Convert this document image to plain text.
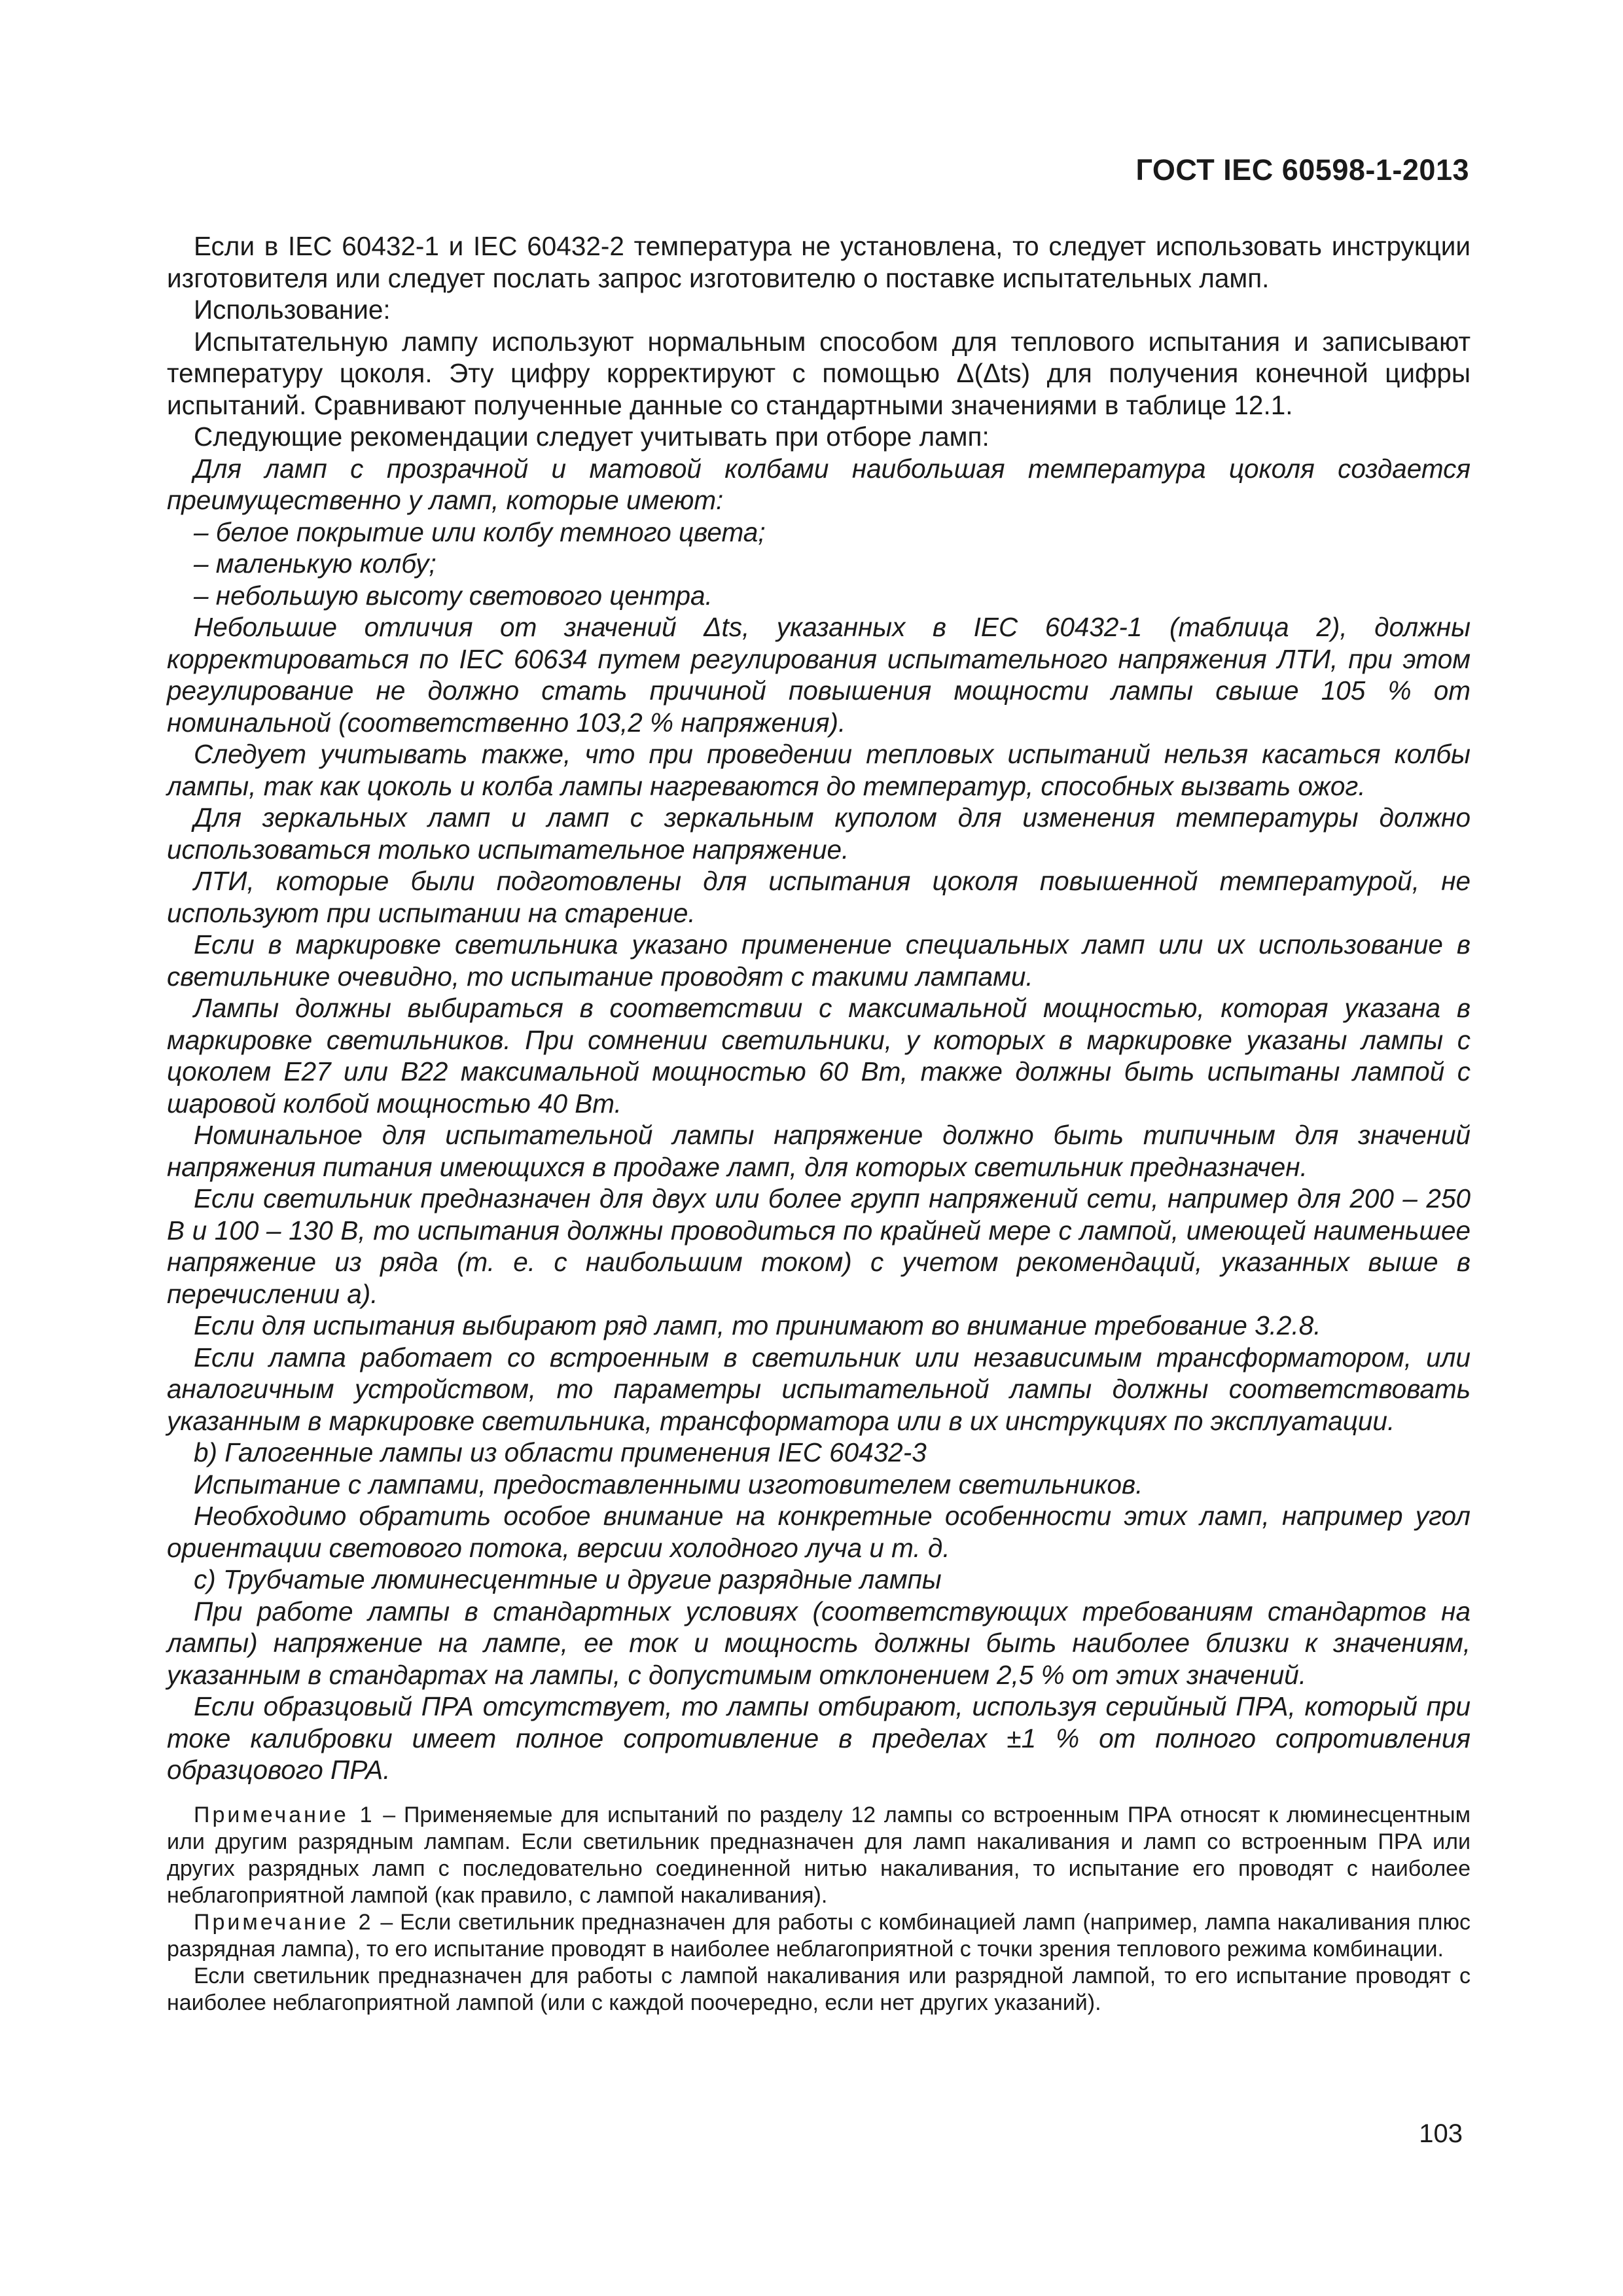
ГОСТ IEC 60598-1-2013

Если в IEC 60432-1 и IEC 60432-2 температура не установлена, то следует использовать инструкции изготовителя или следует послать запрос изготовителю о поставке испытательных ламп.

Использование:

Испытательную лампу используют нормальным способом для теплового испытания и записывают температуру цоколя. Эту цифру корректируют с помощью Δ(Δts) для получения конечной цифры испытаний. Сравнивают полученные данные со стандартными значениями в таблице 12.1.

Следующие рекомендации следует учитывать при отборе ламп:

Для ламп с прозрачной и матовой колбами наибольшая температура цоколя создается преимущественно у ламп, которые имеют:

– белое покрытие или колбу темного цвета;

– маленькую колбу;

– небольшую высоту светового центра.

Небольшие отличия от значений Δts, указанных в IEC 60432-1 (таблица 2), должны корректироваться по IEC 60634 путем регулирования испытательного напряжения ЛТИ, при этом регулирование не должно стать причиной повышения мощности лампы свыше 105 % от номинальной (соответственно 103,2 % напряжения).

Следует учитывать также, что при проведении тепловых испытаний нельзя касаться колбы лампы, так как цоколь и колба лампы нагреваются до температур, способных вызвать ожог.

Для зеркальных ламп и ламп с зеркальным куполом для изменения температуры должно использоваться только испытательное напряжение.

ЛТИ, которые были подготовлены для испытания цоколя повышенной температурой, не используют при испытании на старение.

Если в маркировке светильника указано применение специальных ламп или их использование в светильнике очевидно, то испытание проводят с такими лампами.

Лампы должны выбираться в соответствии с максимальной мощностью, которая указана в маркировке светильников. При сомнении светильники, у которых в маркировке указаны лампы с цоколем E27 или B22 максимальной мощностью 60 Вт, также должны быть испытаны лампой с шаровой колбой мощностью 40 Вт.

Номинальное для испытательной лампы напряжение должно быть типичным для значений напряжения питания имеющихся в продаже ламп, для которых светильник предназначен.

Если светильник предназначен для двух или более групп напряжений сети, например для 200 – 250 В и 100 – 130 В, то испытания должны проводиться по крайней мере с лампой, имеющей наименьшее напряжение из ряда (т. е. с наибольшим током) с учетом рекомендаций, указанных выше в перечислении а).

Если для испытания выбирают ряд ламп, то принимают во внимание требование 3.2.8.

Если лампа работает со встроенным в светильник или независимым трансформатором, или аналогичным устройством, то параметры испытательной лампы должны соответствовать указанным в маркировке светильника, трансформатора или в их инструкциях по эксплуатации.

b) Галогенные лампы из области применения IEC 60432-3

Испытание с лампами, предоставленными изготовителем светильников.

Необходимо обратить особое внимание на конкретные особенности этих ламп, например угол ориентации светового потока, версии холодного луча и т. д.

c) Трубчатые люминесцентные и другие разрядные лампы

При работе лампы в стандартных условиях (соответствующих требованиям стандартов на лампы) напряжение на лампе, ее ток и мощность должны быть наиболее близки к значениям, указанным в стандартах на лампы, с допустимым отклонением 2,5 % от этих значений.

Если образцовый ПРА отсутствует, то лампы отбирают, используя серийный ПРА, который при токе калибровки имеет полное сопротивление в пределах ±1 % от полного сопротивления образцового ПРА.

Примечание 1 – Применяемые для испытаний по разделу 12 лампы со встроенным ПРА относят к люминесцентным или другим разрядным лампам. Если светильник предназначен для ламп накаливания и ламп со встроенным ПРА или других разрядных ламп с последовательно соединенной нитью накаливания, то испытание его проводят с наиболее неблагоприятной лампой (как правило, с лампой накаливания).

Примечание 2 – Если светильник предназначен для работы с комбинацией ламп (например, лампа накаливания плюс разрядная лампа), то его испытание проводят в наиболее неблагоприятной с точки зрения теплового режима комбинации.

Если светильник предназначен для работы с лампой накаливания или разрядной лампой, то его испытание проводят с наиболее неблагоприятной лампой (или с каждой поочередно, если нет других указаний).

103
